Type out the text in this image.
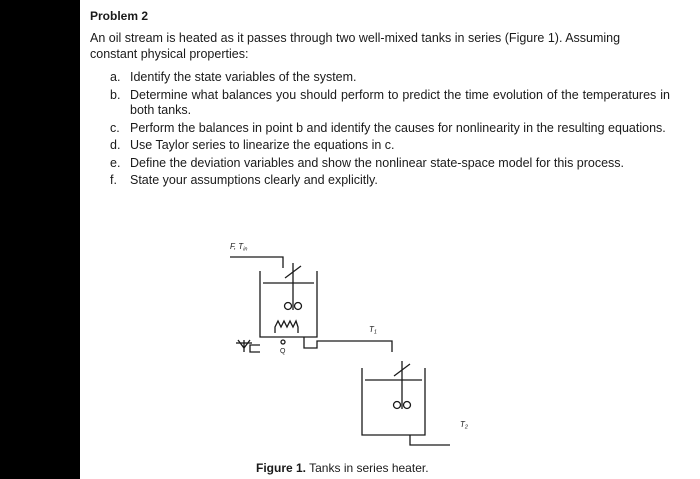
Problem 2
An oil stream is heated as it passes through two well-mixed tanks in series (Figure 1). Assuming constant physical properties:
a. Identify the state variables of the system.
b. Determine what balances you should perform to predict the time evolution of the temperatures in both tanks.
c. Perform the balances in point b and identify the causes for nonlinearity in the resulting equations.
d. Use Taylor series to linearize the equations in c.
e. Define the deviation variables and show the nonlinear state-space model for this process.
f. State your assumptions clearly and explicitly.
F, Tin
T1
T2
Q
Figure 1. Tanks in series heater.
